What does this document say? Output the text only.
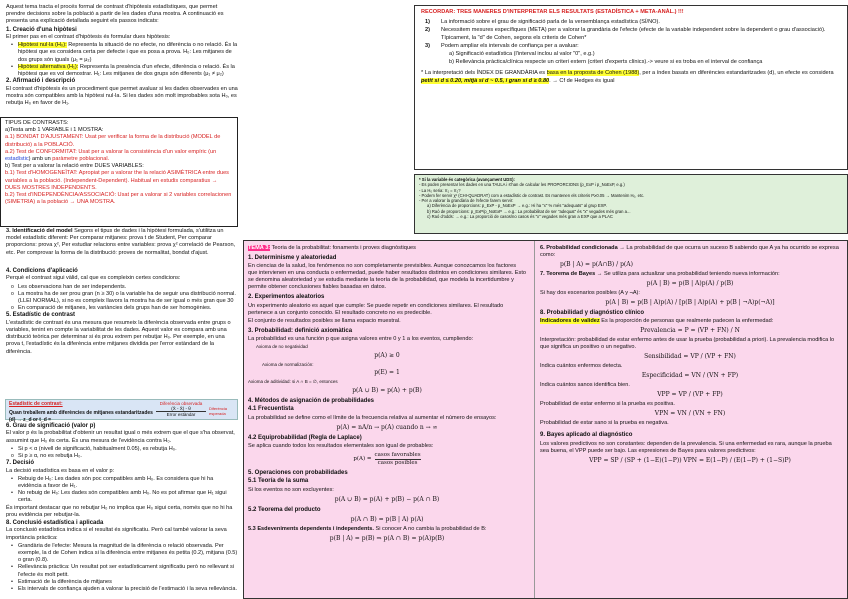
Aquest tema tracta el procés formal de contrast d'hipòtesis estadístiques, que permet prendre decisions sobre la població a partir de les dades d'una mostra. A continuació es presenta una explicació detallada seguint els passos indicats:

1. Creació d'una hipòtesi

El primer pas en el contrast d'hipòtesis és formular dues hipòtesis:

• Hipòtesi nul·la (H₀): Representa la situació de no efecte, no diferència o no relació. És la hipòtesi que es considera certa per defecte i que es posa a prova. H₀: Les mitjanes de dos grups són iguals (μ₁ = μ₂)

• Hipòtesi alternativa (H₁): Representa la presència d'un efecte, diferència o relació. És la hipòtesi que es vol demostrar. H₁: Les mitjanes de dos grups són diferents (μ₁ ≠ μ₂)

2. Afirmació i descripció

El contrast d'hipòtesis és un procediment que permet avaluar si les dades observades en una mostra són compatibles amb la hipòtesi nul·la. Si les dades són molt improbables sota H₀, es rebutja H₀ en favor de H₁.

TIPUS DE CONTRASTS:
a)Testa amb 1 VARIABLE i 1 MOSTRA:
a.1) BONDAT D'AJUSTAMENT: Usat per verificar la forma de la distribució (MODEL de distribució) a la POBLACIÓ.
a.2) Test de CONFORMITAT: Usat per a valorar la consistència d'un valor empíric (un estadístic) amb un paràmetre poblacional.
b) Test per a valorar la relació entre DUES VARIABLES:
b.1) Test d'HOMOGENEÏTAT: Apropiat per a valorar the la relació ASIMÈTRICA entre dues variables a la població. (Independent-Dependent). Habitual en estudis comparatius → DUES MOSTRES INDEPENDENTS.
b.2) Test d'INDEPENDÈNCIA/ASSOCIACIÓ: Usat per a valorar si 2 variables correlacionen (SIMETRIA) a la població → UNA MOSTRA.

3. Identificació del model Segons el tipus de dades i la hipòtesi formulada, s'utilitza un model estadístic diferent: Per comparar mitjanes: prova t de Student, Per comparar proporcions: prova χ², Per estudiar relacions entre variables: prova χ² correlació de Pearson, etc. Per comprovar la forma de la distribució: proves de normalitat, bondat d'ajust.

4. Condicions d'aplicació

Perquè el contrast sigui vàlid, cal que es compleixin certes condicions:

o Les observacions han de ser independents.

o La mostra ha de ser prou gran (n ≥ 30) o la variable ha de seguir una distribució normal. (LLEI NORMAL), si no es compleix llavors la mostra ha de ser igual o més gran que 30

o En comparació de mitjanes, les variàncies dels grups han de ser homogènies.

5. Estadístic de contrast

L'estadístic de contrast és una mesura que resumeix la diferència observada entre grups o variables, tenint en compte la variabilitat de les dades. Aquest valor es compara amb una distribució teòrica per determinar si és prou extrem per rebutjar H₀. Per exemple, en una prova t, l'estadístic és la diferència entre mitjanes dividida per l'error estàndard de la diferència.

Estadístic de contrast:
Quan treballem amb diferències de mitjanes estandaritzades (d) → z_d or t_d =
Diferència observada
(X̄ - X̄) - θ
Error estàndar
Diferència esperada
6. Grau de significació (valor p)

El valor p és la probabilitat d'obtenir un resultat igual o més extrem que el que s'ha observat, assumint que H₀ és certa. És una mesura de l'evidència contra H₀.

• Si p < α (nivell de significació, habitualment 0.05), es rebutja H₀.

o Si p ≥ α, no es rebutja H₀.

7. Decisió

La decisió estadística es basa en el valor p:

• Rebuig de H₀: Les dades són poc compatibles amb H₀. Es considera que hi ha evidència a favor de H₁.

• No rebuig de H₀: Les dades són compatibles amb H₀. No es pot afirmar que H₁ sigui certa.

És important destacar que no rebutjar H₀ no implica que H₀ sigui certa, només que no hi ha prou evidència per rebutjar-la.

8. Conclusió estadística i aplicada

La conclusió estadística indica si el resultat és significatiu. Però cal també valorar la seva importància pràctica:

• Grandària de l'efecte: Mesura la magnitud de la diferència o relació observada. Per exemple, la d de Cohen indica si la diferència entre mitjanes és petita (0.2), mitjana (0.5) o gran (0.8).

• Rellevància pràctica: Un resultat pot ser estadísticament significatiu però no rellevant si l'efecte és molt petit.

• Estimació de la diferència de mitjanes

• Els intervals de confiança ajuden a valorar la precisió de l'estimació i la seva rellevància.

RECORDAR: TRES MANERES D'INTERPRETAR ELS RESULTATS (ESTADÍSTICA + META-ANÀL.) !!!

1) La informació sobre el grau de significació parla de la versemblança estadística (SÍ/NO).

2) Necessitem mesures específiques (META) per a valorar la grandària de l'efecte (efecte de la variable independent sobre la dependent o grau d'associació). Típicament, la "d" de Cohen, segons els criteris de Cohen*

3) Podem ampliar els intervals de confiança per a avaluar:

a) Significació estadística (l'interval inclou al valor "0", e.g.)

b) Rellevància pràctica/clínica respecte un criteri extern (criteri d'experts clínics).-> veure si es troba en el interval de confiança

* La interpretació dels ÍNDEX DE GRANDÀRIA es basa en la proposta de Cohen (1988), per a índex basats en diferències estandaritzades (d), un efecte es considera petit si d ≤ 0.20, mitjà si d ~ 0.5, i gran si d ≥ 0.80. → Cf de Hedges és igual

* Si la variable és categòrica (avançament UDS):
- Es poden presentar les dades en una TAULA i s'han de calcular les PROPORCIONS (p_ExP i p_NoExP, e.g.)
- La H₀ seria: π₁ = π₂?
- Podem fer servir χ² (CHI-QUADRAT) com a estadístic de contrast. Es mantenen els criteris P≥0.05 → Mantenim H₀, etc.
- Per a valorar la grandària de l'efecte farem servir:
a) Diferència de proporcions: p_ExP - p_NoExP → e.g.: Hi ha "x" % més "adequats" al grup EXP.
b) Raó de proporcions: p_ExP/p_NoExP → e.g.: La probabilitat de ser "adequat" és "x" vegades més gran a...
c) Raó d'odds: → e.g.: La proporció de casos/no casos és "x" vegades més gran a EXP que a PLAC

TEMA 3: Teoria de la probabilitat: fonaments i proves diagnòstiques

1. Determinisme y aleatoriedad

En ciencias de la salud, los fenómenos no son completamente previsibles. Aunque conozcamos los factores que intervienen en una conducta o enfermedad, puede haber resultados distintos en condiciones similares. Esto se denomina aleatoriedad y se estudia mediante la teoría de la probabilidad, que modela la incertidumbre y permite obtener conclusiones fiables basadas en datos.

2. Experimentos aleatorios

Un experimento aleatorio es aquel que cumple: Se puede repetir en condiciones similares. El resultado pertenece a un conjunto conocido. El resultado concreto no es predecible.

El conjunto de resultados posibles se llama espacio muestral.

3. Probabilidad: definició axiomàtica

La probabilidad es una función p que asigna valores entre 0 y 1 a los eventos, cumpliendo:

Axioma de no negatividad
p(A) ≥ 0
Axioma de normalización:
p(Ε) = 1
Axioma de aditividad: si A ∩ B = ∅, entonces
p(A ∪ B) = p(A) + p(B)
4. Métodos de asignación de probabilidades
4.1 Frecuentista

La probabilidad se define como el límite de la frecuencia relativa al aumentar el número de ensayos:

p(A) = nA/n → p(A) cuando n → ∞
4.2 Equiprobabilidad (Regla de Laplace)

Se aplica cuando todos los resultados elementales son igual de probables:

p(A) =
casos favorables
casos posibles
5. Operaciones con probabilidades
5.1 Teoría de la suma

Si los eventos no son excluyentes:

p(A ∪ B) = p(A) + p(B) − p(A ∩ B)
5.2 Teorema del producto
p(A ∩ B) = p(B | A) p(A)

5.3 Esdeveniments dependents i independents. Si conocer A no cambia la probabilidad de B:

p(B | A) = p(B) ⇒ p(A ∩ B) = p(A)p(B)

6. Probabilidad condicionada → La probabilidad de que ocurra un suceso B sabiendo que A ya ha ocurrido se expresa como:

p(B | A) = p(A∩B) / p(A)

7. Teorema de Bayes → Se utiliza para actualizar una probabilidad teniendo nueva información:

p(A | B) = p(B | A)p(A) / p(B)

Si hay dos escenarios posibles (A y ¬A):

p(A | B) = p(B | A)p(A) / [p(B | A)p(A) + p(B | ¬A)p(¬A)]
8. Probabilidad y diagnóstico clínico

Indicadores de validez Es la proporción de personas que realmente padecen la enfermedad:

Prevalencia = P = (VP + FN) / N

Interpretación: probabilidad de estar enfermo antes de usar la prueba (probabilidad a priori). La prevalencia modifica lo que significa un positivo o un negativo.

Sensibilidad = VP / (VP + FN)

Indica cuántos enfermos detecta.

Especificidad = VN / (VN + FP)

Indica cuántos sanos identifica bien.

VPP = VP / (VP + FP)

Probabilidad de estar enfermo si la prueba es positiva.

VPN = VN / (VN + FN)

Probabilidad de estar sano si la prueba es negativa.

9. Bayes aplicado al diagnóstico

Los valores predictivos no son constantes: dependen de la prevalencia. Si una enfermedad es rara, aunque la prueba sea buena, el VPP puede ser bajo. Las expresiones de Bayes para valores predictivos:

VPP = SP / (SP + (1−E)(1−P)) VPN = E(1−P) / (E(1−P) + (1−S)P)
